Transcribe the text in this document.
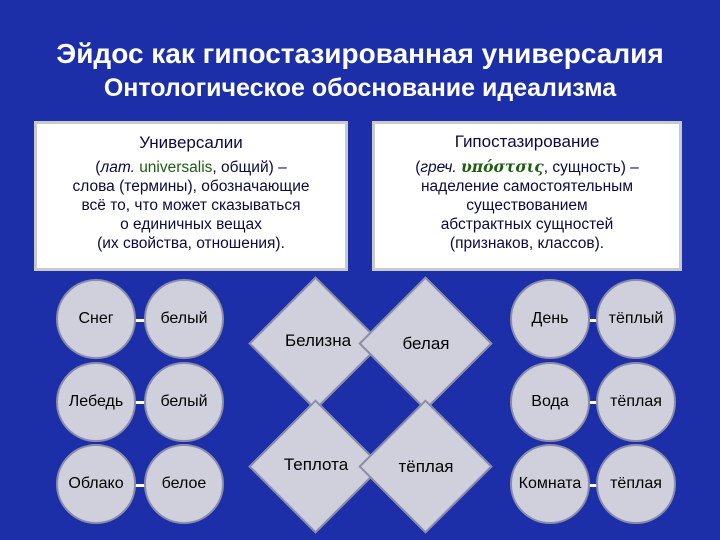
Эйдос как гипостазированная универсалия
Онтологическое обоснование идеализма
Универсалии
(лат. universalis, общий) –
слова (термины), обозначающие
всё то, что может сказываться
о единичных вещах
(их свойства, отношения).
Гипостазирование
(греч. υπόστσις, сущность) –
наделение самостоятельным
существованием
абстрактных сущностей
(признаков, классов).
Снег	белый
Лебедь	белый
Облако	белое
Белизна	белая
Теплота	тёплая
День	тёплый
Вода	тёплая
Комната	тёплая
